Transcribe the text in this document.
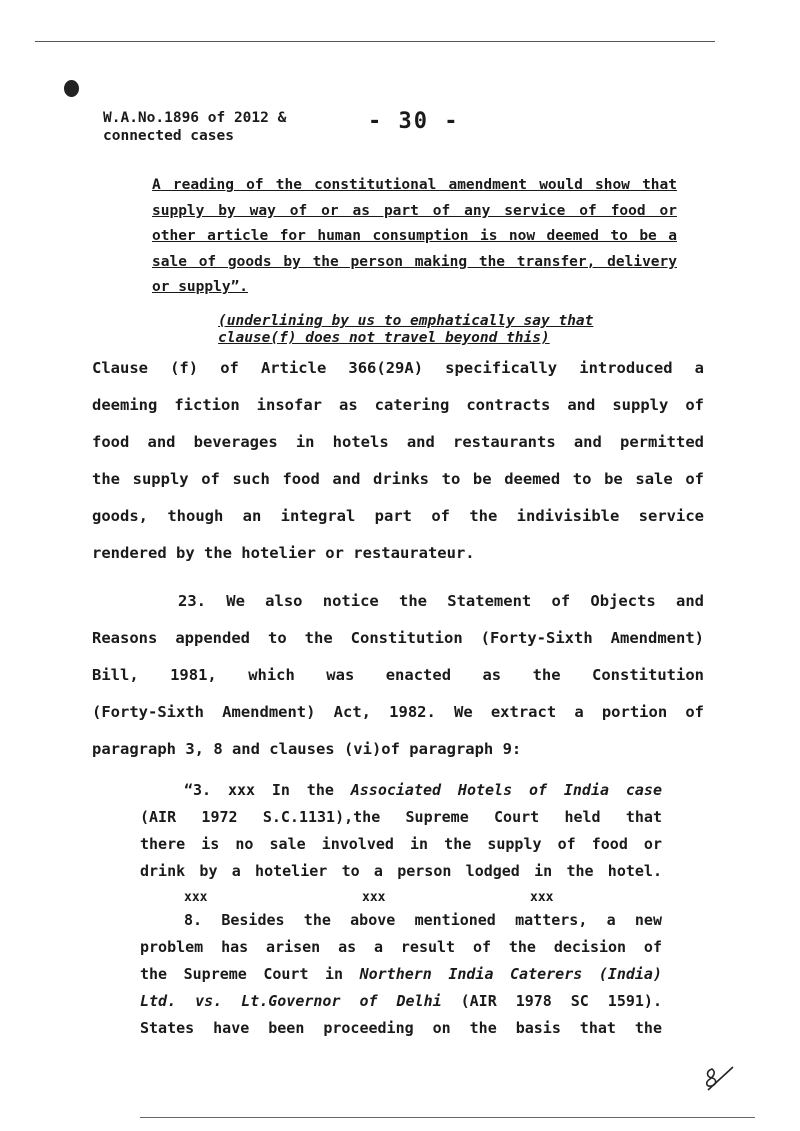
W.A.No.1896 of 2012 &
connected cases
- 30 -
A reading of the constitutional amendment would show that
supply by way of or as part of any service of food or
other article for human consumption is now deemed to be a
sale of goods by the person making the transfer, delivery
or supply”.
(underlining by us to emphatically say that
clause(f) does not travel beyond this)
Clause (f) of Article 366(29A) specifically introduced a
deeming fiction insofar as catering contracts and supply of
food and beverages in hotels and restaurants and permitted
the supply of such food and drinks to be deemed to be sale of
goods, though an integral part of the indivisible service
rendered by the hotelier or restaurateur.
23. We also notice the Statement of Objects and
Reasons appended to the Constitution (Forty-Sixth Amendment)
Bill, 1981, which was enacted as the Constitution
(Forty-Sixth Amendment) Act, 1982. We extract a portion of
paragraph 3, 8 and clauses (vi)of paragraph 9:
“3. xxx In the Associated Hotels of India case
(AIR 1972 S.C.1131),the Supreme Court held that
there is no sale involved in the supply of food or
drink by a hotelier to a person lodged in the hotel.
xxx	xxx	xxx
8. Besides the above mentioned matters, a new
problem has arisen as a result of the decision of
the Supreme Court in Northern India Caterers (India)
Ltd. vs. Lt.Governor of Delhi (AIR 1978 SC 1591).
States have been proceeding on the basis that the
